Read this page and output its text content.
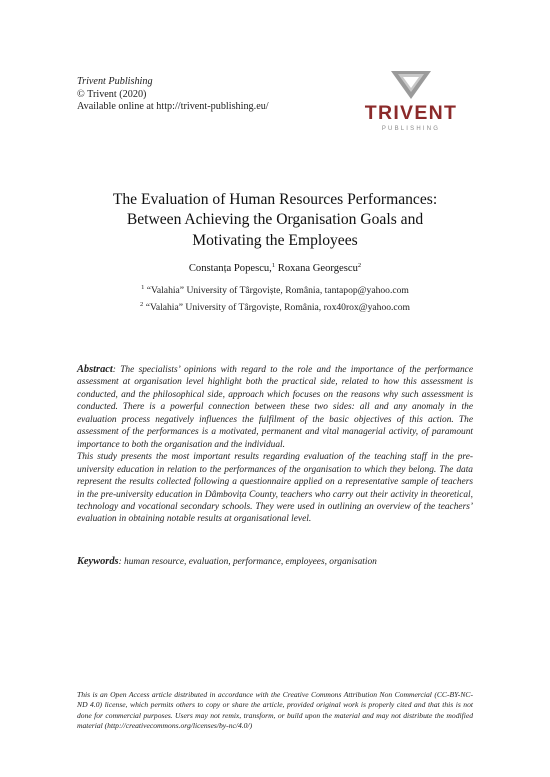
Trivent Publishing
© Trivent (2020)
Available online at http://trivent-publishing.eu/	TRIVENT
PUBLISHING
The Evaluation of Human Resources Performances:
Between Achieving the Organisation Goals and
Motivating the Employees
Constanța Popescu,$^1$ Roxana Georgescu$^2$
$^1$ “Valahia” University of Târgoviște, România, tantapop@yahoo.com
$^2$ “Valahia” University of Târgoviște, România, rox40rox@yahoo.com

Abstract: The specialists’ opinions with regard to the role and the importance of the performance assessment at organisation level highlight both the practical side, related to how this assessment is conducted, and the philosophical side, approach which focuses on the reasons why such assessment is conducted. There is a powerful connection between these two sides: all and any anomaly in the evaluation process negatively influences the fulfilment of the basic objectives of this action. The assessment of the performances is a motivated, permanent and vital managerial activity, of paramount importance to both the organisation and the individual.

This study presents the most important results regarding evaluation of the teaching staff in the pre-university education in relation to the performances of the organisation to which they belong. The data represent the results collected following a questionnaire applied on a representative sample of teachers in the pre-university education in Dâmbovița County, teachers who carry out their activity in theoretical, technology and vocational secondary schools. They were used in outlining an overview of the teachers’ evaluation in obtaining notable results at organisational level.

Keywords: human resource, evaluation, performance, employees, organisation
This is an Open Access article distributed in accordance with the Creative Commons Attribution Non Commercial (CC-BY-NC-ND 4.0) license, which permits others to copy or share the article, provided original work is properly cited and that this is not done for commercial purposes. Users may not remix, transform, or build upon the material and may not distribute the modified material (http://creativecommons.org/licenses/by-nc/4.0/)
